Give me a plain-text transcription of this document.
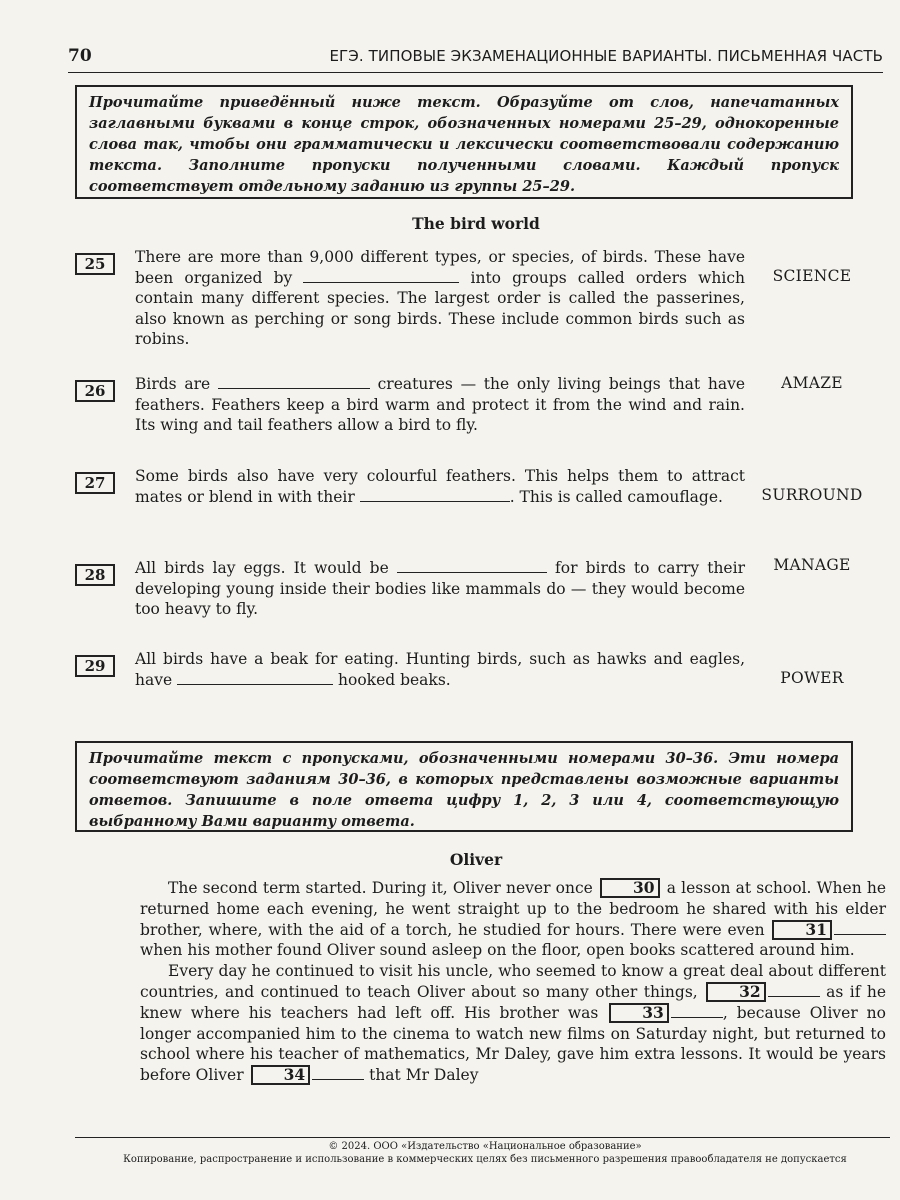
70	ЕГЭ. ТИПОВЫЕ ЭКЗАМЕНАЦИОННЫЕ ВАРИАНТЫ. ПИСЬМЕННАЯ ЧАСТЬ
Прочитайте приведённый ниже текст. Образуйте от слов, напечатанных заглавными буквами в конце строк, обозначенных номерами 25–29, однокоренные слова так, чтобы они грамматически и лексически соответствовали содержанию текста. Заполните пропуски полученными словами. Каждый пропуск соответствует отдельному заданию из группы 25–29.
The bird world
25	There are more than 9,000 different types, or species, of birds. These have been organized by	into groups called orders which contain many different species. The largest order is called the passerines, also known as perching or song birds. These include common birds such as robins.
SCIENCE
26	Birds are	creatures — the only living beings that have feathers. Feathers keep a bird warm and protect it from the wind and rain. Its wing and tail feathers allow a bird to fly.
AMAZE
27	Some birds also have very colourful feathers. This helps them to attract mates or blend in with their	. This is called camouflage.	SURROUND
28	All birds lay eggs. It would be	for birds to carry their developing young inside their bodies like mammals do — they would become too heavy to fly.
MANAGE
29	All birds have a beak for eating. Hunting birds, such as hawks and eagles, have	hooked beaks.	POWER
Прочитайте текст с пропусками, обозначенными номерами 30–36. Эти номера соответствуют заданиям 30–36, в которых представлены возможные варианты ответов. Запишите в поле ответа цифру 1, 2, 3 или 4, соответствующую выбранному Вами варианту ответа.
Oliver

The second term started. During it, Oliver never once	30 a lesson at school. When he returned home each evening, he went straight up to the bedroom he shared with his elder brother, where, with the aid of a torch, he studied for hours. There were even	31 when his mother found Oliver sound asleep on the floor, open books scattered around him.

Every day he continued to visit his uncle, who seemed to know a great deal about different countries, and continued to teach Oliver about so many other things,	32	as if he knew where his teachers had left off. His brother was	33	, because Oliver no longer accompanied him to the cinema to watch new films on Saturday night, but returned to school where his teacher of mathematics, Mr Daley, gave him extra lessons. It would be years before Oliver	34	that Mr Daley

© 2024. ООО «Издательство «Национальное образование»
Копирование, распространение и использование в коммерческих целях без письменного разрешения правообладателя не допускается
